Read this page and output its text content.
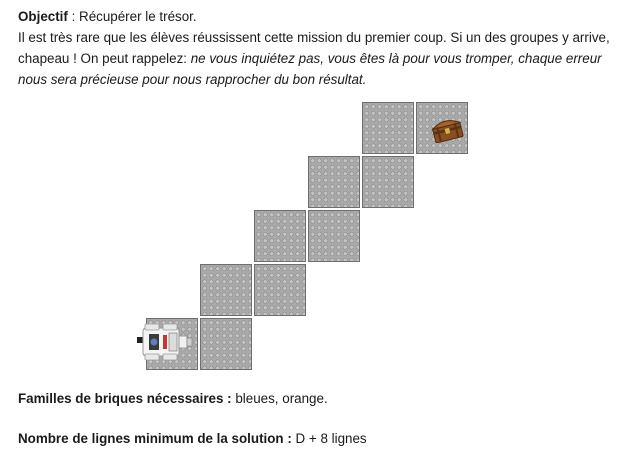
Objectif : Récupérer le trésor.

Il est très rare que les élèves réussissent cette mission du premier coup. Si un des groupes y arrive, chapeau ! On peut rappelez: ne vous inquiétez pas, vous êtes là pour vous tromper, chaque erreur nous sera précieuse pour nous rapprocher du bon résultat.

Familles de briques nécessaires : bleues, orange.
Nombre de lignes minimum de la solution : D + 8 lignes
